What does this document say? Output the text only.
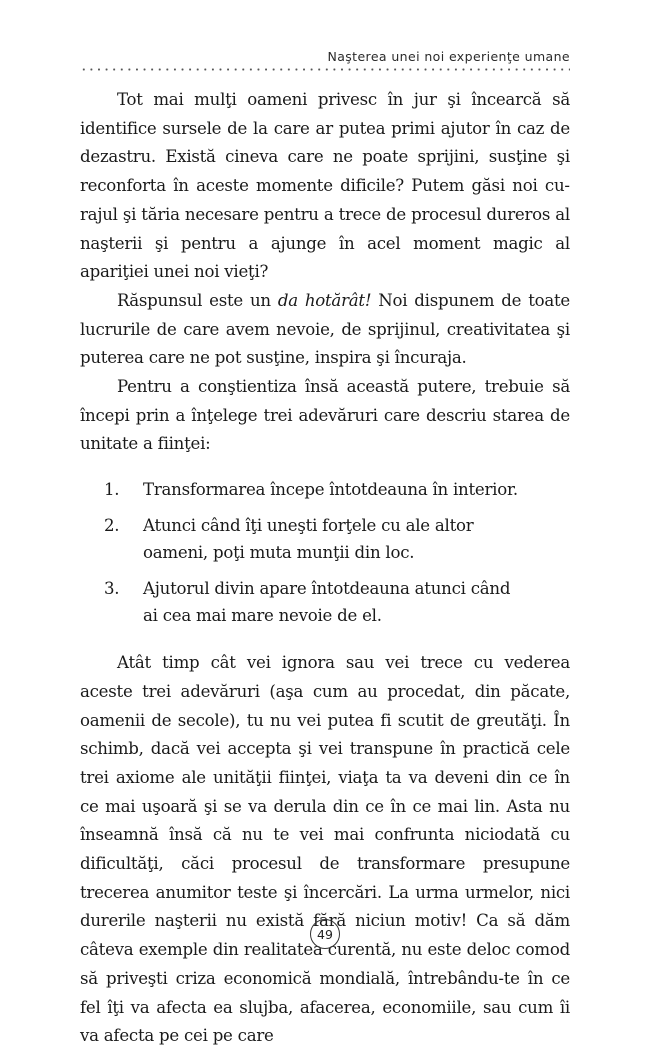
Naşterea unei noi experienţe umane

Tot mai mulţi oameni privesc în jur şi încearcă să identifice sursele de la care ar putea primi ajutor în caz de dezastru. Există cineva care ne poate sprijini, susţine şi reconforta în aceste momente dificile? Putem găsi noi curajul şi tăria necesare pentru a trece de procesul dureros al naşterii şi pentru a ajunge în acel moment magic al apariţiei unei noi vieţi?

Răspunsul este un da hotărât! Noi dispunem de toate lucrurile de care avem nevoie, de sprijinul, creativitatea şi puterea care ne pot susţine, inspira şi încuraja.

Pentru a conştientiza însă această putere, trebuie să începi prin a înţelege trei adevăruri care descriu starea de unitate a fiinţei:

1. Transformarea începe întotdeauna în interior.
2. Atunci când îţi uneşti forţele cu ale altor oameni, poţi muta munţii din loc.
3. Ajutorul divin apare întotdeauna atunci când ai cea mai mare nevoie de el.

Atât timp cât vei ignora sau vei trece cu vederea aceste trei adevăruri (aşa cum au procedat, din păcate, oamenii de secole), tu nu vei putea fi scutit de greutăţi. În schimb, dacă vei accepta şi vei transpune în practică cele trei axiome ale unităţii fiinţei, viaţa ta va deveni din ce în ce mai uşoară şi se va derula din ce în ce mai lin. Asta nu înseamnă însă că nu te vei mai confrunta niciodată cu dificultăţi, căci procesul de transformare presupune trecerea anumitor teste şi încercări. La urma urmelor, nici durerile naşterii nu există fără niciun motiv! Ca să dăm câteva exemple din realitatea curentă, nu este deloc comod să priveşti criza economică mondială, întrebându-te în ce fel îţi va afecta ea slujba, afacerea, economiile, sau cum îi va afecta pe cei pe care

49
